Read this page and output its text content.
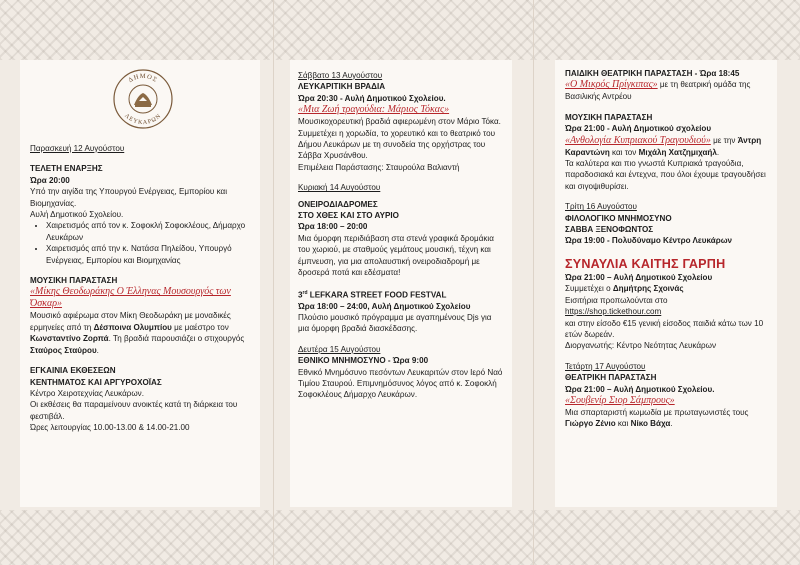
ΔΗΜΟΣ
ΛΕΥΚΑΡΩΝ

Παρασκευή 12 Αυγούστου

ΤΕΛΕΤΗ ΕΝΑΡΞΗΣ

Ώρα 20:00

Υπό την αιγίδα της Υπουργού Ενέργειας, Εμπορίου και Βιομηχανίας.

Αυλή Δημοτικού Σχολείου.

• Χαιρετισμός από τον κ. Σοφοκλή Σοφοκλέους, Δήμαρχο Λευκάρων
• Χαιρετισμός από την κ. Νατάσα Πηλείδου, Υπουργό Ενέργειας, Εμπορίου και Βιομηχανίας

ΜΟΥΣΙΚΗ ΠΑΡΑΣΤΑΣΗ

«Μίκης Θεοδωράκης Ο Έλληνας Μουσουργός των Όσκαρ»

Μουσικό αφιέρωμα στον Μίκη Θεοδωράκη με μοναδικές ερμηνείες από τη Δέσποινα Ολυμπίου με μαέστρο τον Κωνσταντίνο Ζορπά. Τη βραδιά παρουσιάζει ο στιχουργός Σταύρος Σταύρου.

ΕΓΚΑΙΝΙΑ ΕΚΘΕΣΕΩΝ

ΚΕΝΤΗΜΑΤΟΣ ΚΑΙ ΑΡΓΥΡΟΧΟΪΑΣ

Κέντρο Χειροτεχνίας Λευκάρων.

Οι εκθέσεις θα παραμείνουν ανοικτές κατά τη διάρκεια του φεστιβάλ.

Ώρες λειτουργίας 10.00-13.00 & 14.00-21.00

Σάββατο 13 Αυγούστου

ΛΕΥΚΑΡΙΤΙΚΗ ΒΡΑΔΙΑ

Ώρα 20:30 - Αυλή Δημοτικού Σχολείου.

«Μια Ζωή τραγούδια: Μάριος Τόκας»

Μουσικοχορευτική βραδιά αφιερωμένη στον Μάριο Τόκα. Συμμετέχει η χορωδία, το χορευτικό και το θεατρικό του Δήμου Λευκάρων με τη συνοδεία της ορχήστρας του Σάββα Χρυσάνθου.

Επιμέλεια Παράστασης: Σταυρούλα Βαλιαντή

Κυριακή 14 Αυγούστου

ΟΝΕΙΡΟΔΙΑΔΡΟΜΕΣ

ΣΤΟ ΧΘΕΣ ΚΑΙ ΣΤΟ ΑΥΡΙΟ

Ώρα 18:00 – 20:00

Μια όμορφη περιδιάβαση στα στενά γραφικά δρομάκια του χωριού, με σταθμούς γεμάτους μουσική, τέχνη και έμπνευση, για μια απολαυστική ονειροδιαδρομή με δροσερά ποτά και εδέσματα!

3rd LEFKARA STREET FOOD FESTVAL

Ώρα 18:00 – 24:00, Αυλή Δημοτικού Σχολείου

Πλούσιο μουσικό πρόγραμμα με αγαπημένους Djs για μια όμορφη βραδιά διασκέδασης.

Δευτέρα 15 Αυγούστου

ΕΘΝΙΚΟ ΜΝΗΜΟΣΥΝΟ - Ώρα 9:00

Εθνικό Μνημόσυνο πεσόντων Λευκαριτών στον Ιερό Ναό Τιμίου Σταυρού. Επιμνημόσυνος λόγος από κ. Σοφοκλή Σοφοκλέους Δήμαρχο Λευκάρων.

ΠΑΙΔΙΚΗ ΘΕΑΤΡΙΚΗ ΠΑΡΑΣΤΑΣΗ - Ώρα 18:45

«Ο Μικρός Πρίγκιπας» με τη θεατρική ομάδα της Βασιλικής Αντρέου

ΜΟΥΣΙΚΗ ΠΑΡΑΣΤΑΣΗ

Ώρα 21:00 - Αυλή Δημοτικού σχολείου

«Ανθολογία Κυπριακού Τραγουδιού» με την Άντρη Καραντώνη και τον Μιχάλη Χατζημιχαήλ.

Τα καλύτερα και πιο γνωστά Κυπριακά τραγούδια, παραδοσιακά και έντεχνα, που όλοι έχουμε τραγουδήσει και σιγοψιθυρίσει.

Τρίτη 16 Αυγούστου

ΦΙΛΟΛΟΓΙΚΟ ΜΝΗΜΟΣΥΝΟ

ΣΑΒΒΑ ΞΕΝΟΦΩΝΤΟΣ

Ώρα 19:00 - Πολυδύναμο Κέντρο Λευκάρων

ΣΥΝΑΥΛΙΑ ΚΑΙΤΗΣ ΓΑΡΠΗ

Ώρα 21:00 – Αυλή Δημοτικού Σχολείου

Συμμετέχει ο Δημήτρης Σχοινάς

Εισιτήρια προπωλούνται στο

https://shop.tickethour.com

και στην είσοδο €15 γενική είσοδος παιδιά κάτω των 10 ετών δωρεάν.

Διοργανωτής: Κέντρο Νεότητας Λευκάρων

Τετάρτη 17 Αυγούστου

ΘΕΑΤΡΙΚΗ ΠΑΡΑΣΤΑΣΗ

Ώρα 21:00 – Αυλή Δημοτικού Σχολείου.

«Σουβενίρ Σιορ Σάμπρους»

Μια σπαρταριστή κωμωδία με πρωταγωνιστές τους Γιώργο Ζένιο και Νίκο Βάχα.
